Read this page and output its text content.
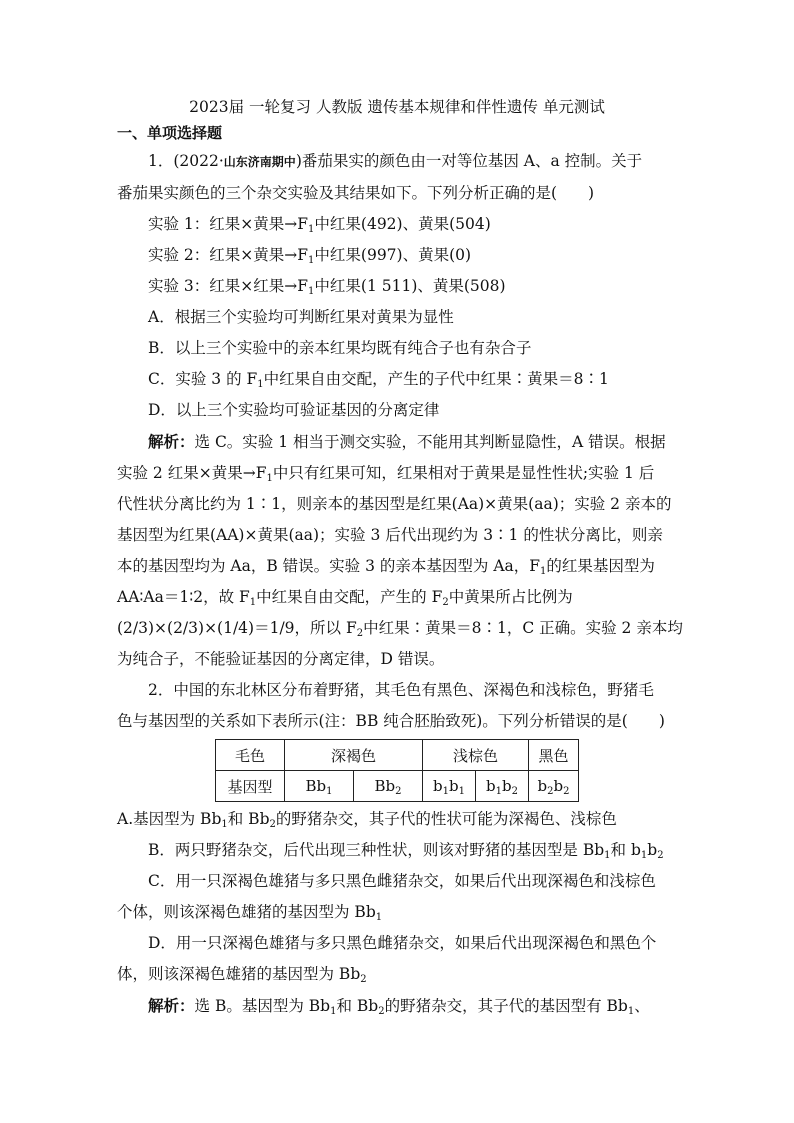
2023届 一轮复习 人教版 遗传基本规律和伴性遗传 单元测试
一、单项选择题
1．(2022·山东济南期中)番茄果实的颜色由一对等位基因 A、a 控制。关于
番茄果实颜色的三个杂交实验及其结果如下。下列分析正确的是(　　)
实验 1：红果×黄果$\to F_1$中红果(492)、黄果(504)
实验 2：红果×黄果$\to F_1$中红果(997)、黄果(0)
实验 3：红果×红果$\to F_1$中红果(1 511)、黄果(508)
A．根据三个实验均可判断红果对黄果为显性
B．以上三个实验中的亲本红果均既有纯合子也有杂合子
C．实验 3 的 $F_1$中红果自由交配，产生的子代中红果∶黄果＝8∶1
D．以上三个实验均可验证基因的分离定律
解析：选 C。实验 1 相当于测交实验，不能用其判断显隐性，A 错误。根据
实验 2 红果×黄果$\to F_1$中只有红果可知，红果相对于黄果是显性性状;实验 1 后
代性状分离比约为 1∶1，则亲本的基因型是红果(Aa)×黄果(aa)；实验 2 亲本的
基因型为红果(AA)×黄果(aa)；实验 3 后代出现约为 3∶1 的性状分离比，则亲
本的基因型均为 Aa，B 错误。实验 3 的亲本基因型为 Aa，$F_1$的红果基因型为
AA∶Aa＝1∶2，故 $F_1$中红果自由交配，产生的 $F_2$中黄果所占比例为
(2/3)×(2/3)×(1/4)＝1/9，所以 $F_2$中红果∶黄果＝8∶1，C 正确。实验 2 亲本均
为纯合子，不能验证基因的分离定律，D 错误。
2．中国的东北林区分布着野猪，其毛色有黑色、深褐色和浅棕色，野猪毛
色与基因型的关系如下表所示(注：BB 纯合胚胎致死)。下列分析错误的是(　　)
毛色	深褐色		浅棕色		黑色
基因型	$Bb_1$	$Bb_2$	$b_1b_1$	$b_1b_2$	$b_2b_2$
A.基因型为 $Bb_1$和 $Bb_2$的野猪杂交，其子代的性状可能为深褐色、浅棕色
B．两只野猪杂交，后代出现三种性状，则该对野猪的基因型是 $Bb_1$和 $b_1b_2$
C．用一只深褐色雄猪与多只黑色雌猪杂交，如果后代出现深褐色和浅棕色
个体，则该深褐色雄猪的基因型为 $Bb_1$
D．用一只深褐色雄猪与多只黑色雌猪杂交，如果后代出现深褐色和黑色个
体，则该深褐色雄猪的基因型为 $Bb_2$
解析：选 B。基因型为 $Bb_1$和 $Bb_2$的野猪杂交，其子代的基因型有 $Bb_1$、
